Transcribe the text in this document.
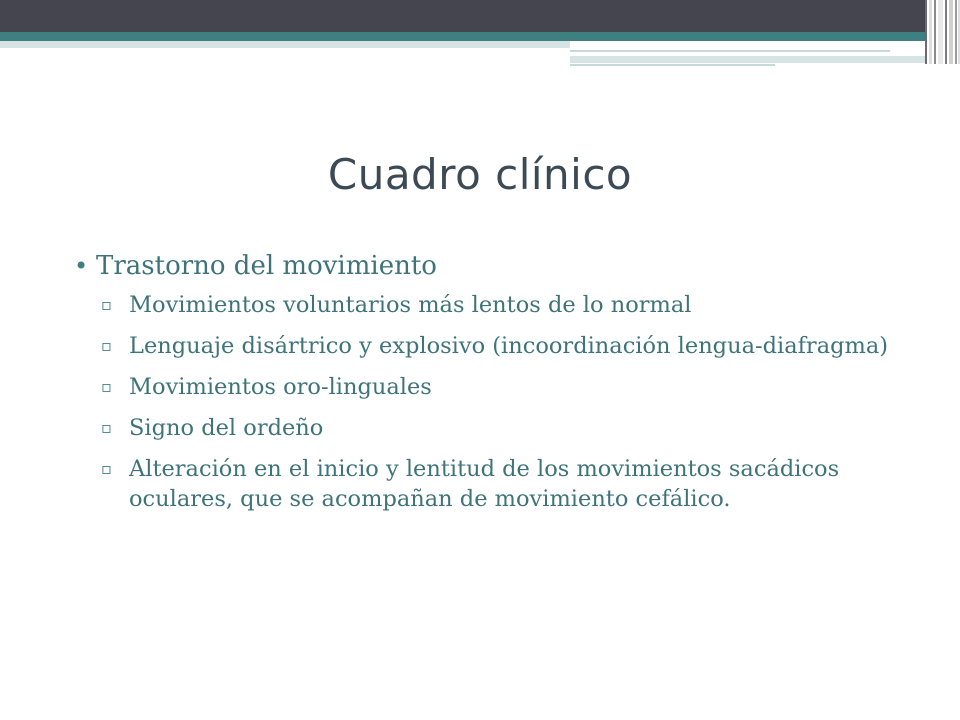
Cuadro clínico
• Trastorno del movimiento
▫ Movimientos voluntarios más lentos de lo normal
▫ Lenguaje disártrico y explosivo (incoordinación lengua-diafragma)
▫ Movimientos oro-linguales
▫ Signo del ordeño
▫ Alteración en el inicio y lentitud de los movimientos sacádicos oculares, que se acompañan de movimiento cefálico.
